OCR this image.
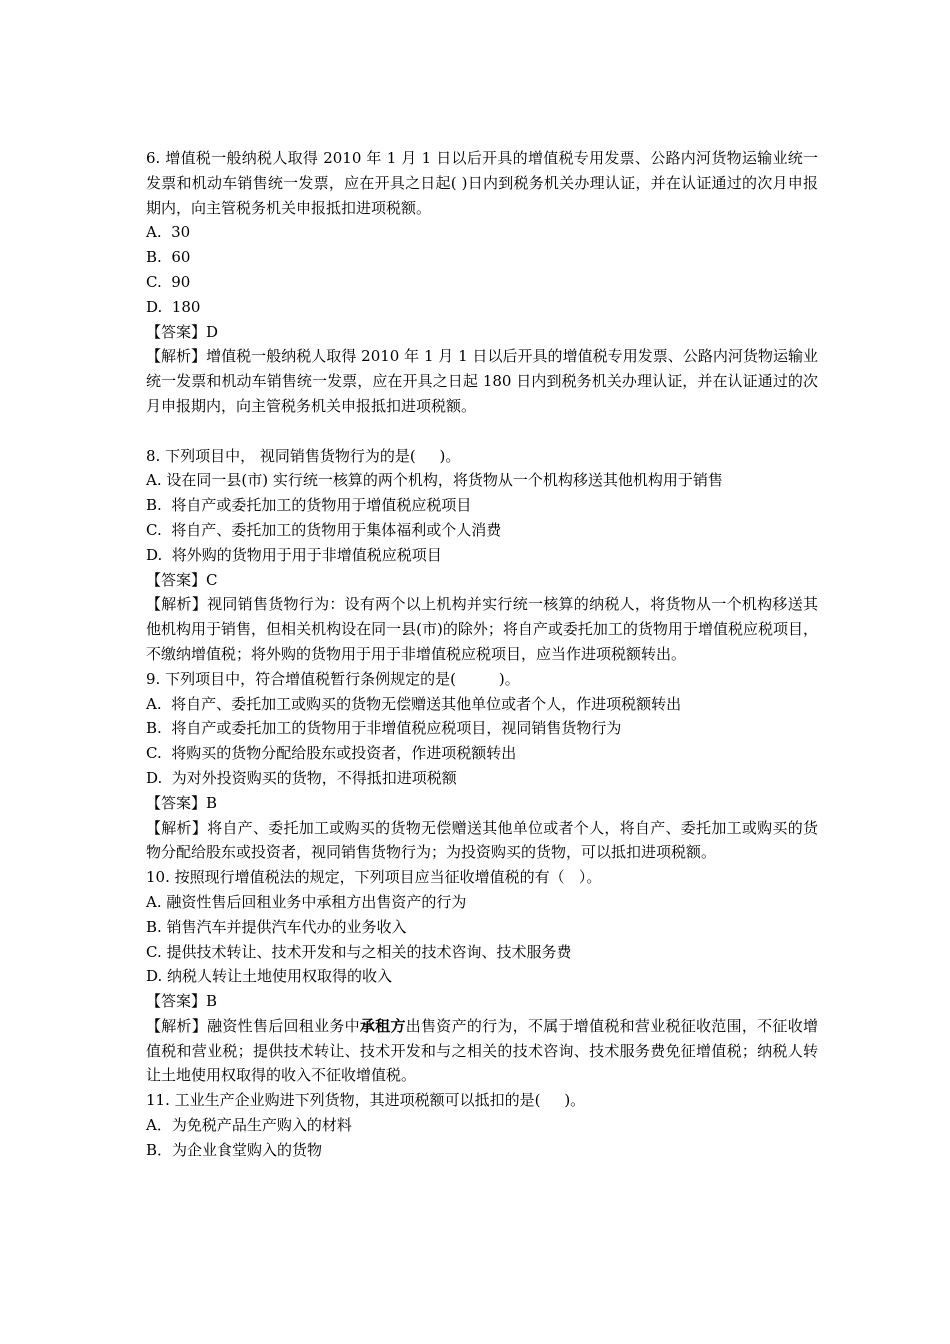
6. 增值税一般纳税人取得 2010 年 1 月 1 日以后开具的增值税专用发票、公路内河货物运输业统一发票和机动车销售统一发票，应在开具之日起( )日内到税务机关办理认证，并在认证通过的次月申报期内，向主管税务机关申报抵扣进项税额。

A.  30

B.  60

C.  90

D.  180

【答案】D

【解析】增值税一般纳税人取得 2010 年 1 月 1 日以后开具的增值税专用发票、公路内河货物运输业统一发票和机动车销售统一发票，应在开具之日起 180 日内到税务机关办理认证，并在认证通过的次月申报期内，向主管税务机关申报抵扣进项税额。

8. 下列项目中， 视同销售货物行为的是(     )。

A. 设在同一县(市) 实行统一核算的两个机构，将货物从一个机构移送其他机构用于销售

B.  将自产或委托加工的货物用于增值税应税项目

C.  将自产、委托加工的货物用于集体福利或个人消费

D.  将外购的货物用于用于非增值税应税项目

【答案】C

【解析】视同销售货物行为：设有两个以上机构并实行统一核算的纳税人，将货物从一个机构移送其他机构用于销售，但相关机构设在同一县(市)的除外；将自产或委托加工的货物用于增值税应税项目，不缴纳增值税；将外购的货物用于用于非增值税应税项目，应当作进项税额转出。

9. 下列项目中，符合增值税暂行条例规定的是(         )。

A.  将自产、委托加工或购买的货物无偿赠送其他单位或者个人，作进项税额转出

B.  将自产或委托加工的货物用于非增值税应税项目，视同销售货物行为

C.  将购买的货物分配给股东或投资者，作进项税额转出

D.  为对外投资购买的货物，不得抵扣进项税额

【答案】B

【解析】将自产、委托加工或购买的货物无偿赠送其他单位或者个人，将自产、委托加工或购买的货物分配给股东或投资者，视同销售货物行为；为投资购买的货物，可以抵扣进项税额。

10. 按照现行增值税法的规定，下列项目应当征收增值税的有（   ）。

A. 融资性售后回租业务中承租方出售资产的行为

B. 销售汽车并提供汽车代办的业务收入

C. 提供技术转让、技术开发和与之相关的技术咨询、技术服务费

D. 纳税人转让土地使用权取得的收入

【答案】B

【解析】融资性售后回租业务中承租方出售资产的行为，不属于增值税和营业税征收范围，不征收增值税和营业税；提供技术转让、技术开发和与之相关的技术咨询、技术服务费免征增值税；纳税人转让土地使用权取得的收入不征收增值税。

11. 工业生产企业购进下列货物，其进项税额可以抵扣的是(     )。

A．为免税产品生产购入的材料

B．为企业食堂购入的货物
